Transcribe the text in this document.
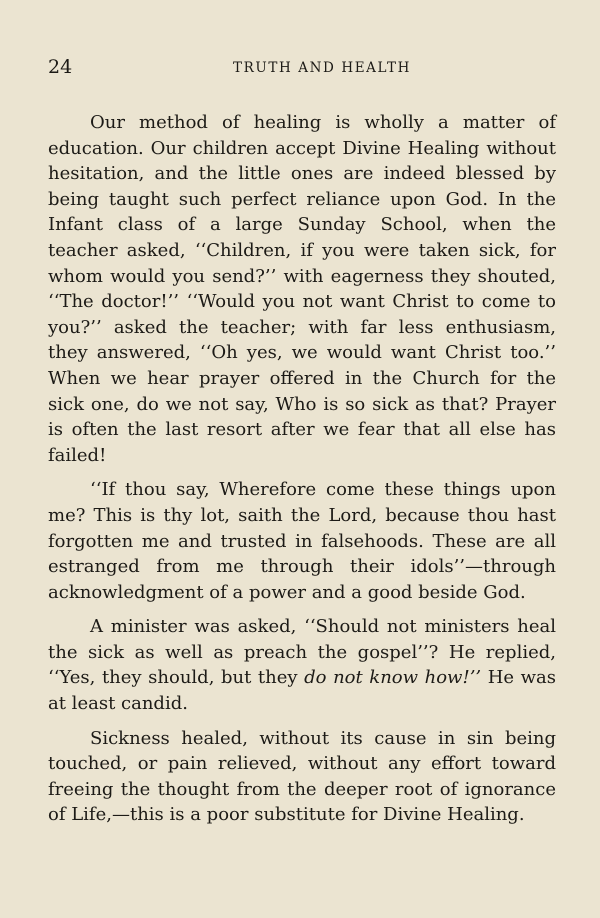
24	TRUTH AND HEALTH

Our method of healing is wholly a matter of education. Our children accept Divine Healing without hesitation, and the little ones are indeed blessed by being taught such perfect reliance upon God. In the Infant class of a large Sunday School, when the teacher asked, ‘‘Children, if you were taken sick, for whom would you send?’’ with eagerness they shouted, ‘‘The doctor!’’ ‘‘Would you not want Christ to come to you?’’ asked the teacher; with far less enthusiasm, they answered, ‘‘Oh yes, we would want Christ too.’’ When we hear prayer offered in the Church for the sick one, do we not say, Who is so sick as that? Prayer is often the last resort after we fear that all else has failed!

‘‘If thou say, Wherefore come these things upon me? This is thy lot, saith the Lord, because thou hast forgotten me and trusted in falsehoods. These are all estranged from me through their idols’’—through acknowledgment of a power and a good beside God.

A minister was asked, ‘‘Should not ministers heal the sick as well as preach the gospel’’? He replied, ‘‘Yes, they should, but they do not know how!’’ He was at least candid.

Sickness healed, without its cause in sin being touched, or pain relieved, without any effort toward freeing the thought from the deeper root of ignorance of Life,—this is a poor substitute for Divine Healing.
